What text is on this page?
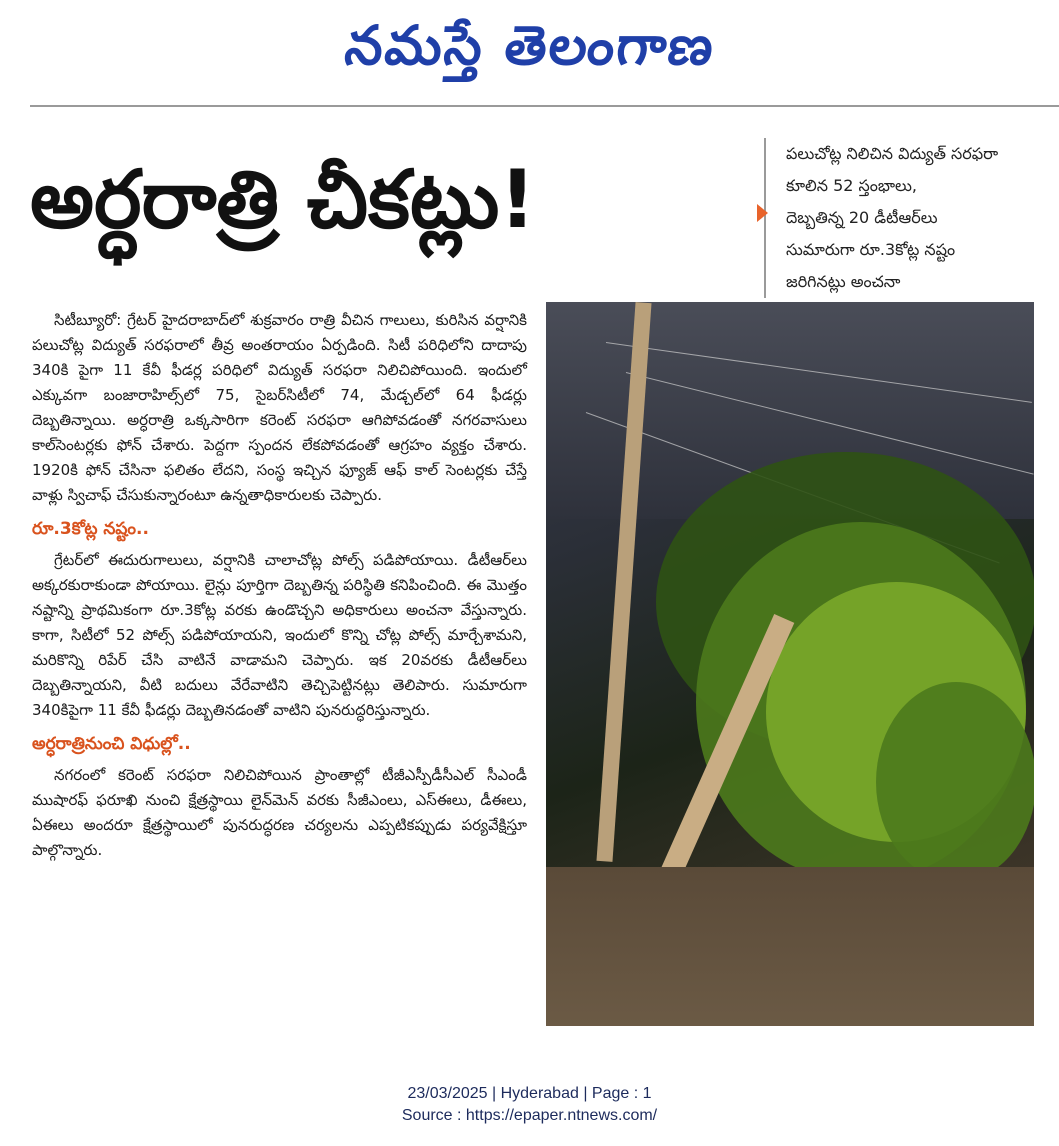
నమస్తే తెలంగాణ
అర్ధరాత్రి చీకట్లు!	పలుచోట్ల నిలిచిన విద్యుత్ సరఫరా
కూలిన 52 స్తంభాలు,
దెబ్బతిన్న 20 డీటీఆర్‌లు
సుమారుగా రూ.3కోట్ల నష్టం
జరిగినట్లు అంచనా

సిటీబ్యూరో: గ్రేటర్ హైదరాబాద్‌లో శుక్రవారం రాత్రి వీచిన గాలులు, కురిసిన వర్షానికి పలుచోట్ల విద్యుత్ సరఫరాలో తీవ్ర అంతరాయం ఏర్పడింది. సిటీ పరిధిలోని దాదాపు 340కి పైగా 11 కేవీ ఫీడర్ల పరిధిలో విద్యుత్ సరఫరా నిలిచిపోయింది. ఇందులో ఎక్కువగా బంజారాహిల్స్‌లో 75, సైబర్‌సిటీలో 74, మేడ్చల్‌లో 64 ఫీడర్లు దెబ్బతిన్నాయి. అర్ధరాత్రి ఒక్కసారిగా కరెంట్ సరఫరా ఆగిపోవడంతో నగరవాసులు కాల్‌సెంటర్లకు ఫోన్ చేశారు. పెద్దగా స్పందన లేకపోవడంతో ఆగ్రహం వ్యక్తం చేశారు. 1920కి ఫోన్ చేసినా ఫలితం లేదని, సంస్థ ఇచ్చిన ఫ్యూజ్ ఆఫ్ కాల్ సెంటర్లకు చేస్తే వాళ్లు స్విచాఫ్ చేసుకున్నారంటూ ఉన్నతాధికారులకు చెప్పారు.

రూ.3కోట్ల నష్టం..

గ్రేటర్‌లో ఈదురుగాలులు, వర్షానికి చాలాచోట్ల పోల్స్ పడిపోయాయి. డీటీఆర్‌లు అక్కరకురాకుండా పోయాయి. లైన్లు పూర్తిగా దెబ్బతిన్న పరిస్థితి కనిపించింది. ఈ మొత్తం నష్టాన్ని ప్రాథమికంగా రూ.3కోట్ల వరకు ఉండొచ్చని అధికారులు అంచనా వేస్తున్నారు. కాగా, సిటీలో 52 పోల్స్ పడిపోయాయని, ఇందులో కొన్ని చోట్ల పోల్స్ మార్చేశామని, మరికొన్ని రిపేర్ చేసి వాటినే వాడామని చెప్పారు. ఇక 20వరకు డీటీఆర్‌లు దెబ్బతిన్నాయని, వీటి బదులు వేరేవాటిని తెచ్చిపెట్టినట్లు తెలిపారు. సుమారుగా 340కిపైగా 11 కేవీ ఫీడర్లు దెబ్బతినడంతో వాటిని పునరుద్ధరిస్తున్నారు.

అర్ధరాత్రినుంచి విధుల్లో..

నగరంలో కరెంట్ సరఫరా నిలిచిపోయిన ప్రాంతాల్లో టీజీఎస్పీడీసీఎల్ సీఎండీ ముషారఫ్ ఫరూఖి నుంచి క్షేత్రస్థాయి లైన్‌మెన్ వరకు సీజీఎంలు, ఎస్‌ఈలు, డీఈలు, ఏఈలు అందరూ క్షేత్రస్థాయిలో పునరుద్ధరణ చర్యలను ఎప్పటికప్పుడు పర్యవేక్షిస్తూ పాల్గొన్నారు.

23/03/2025 | Hyderabad | Page : 1
Source : https://epaper.ntnews.com/
